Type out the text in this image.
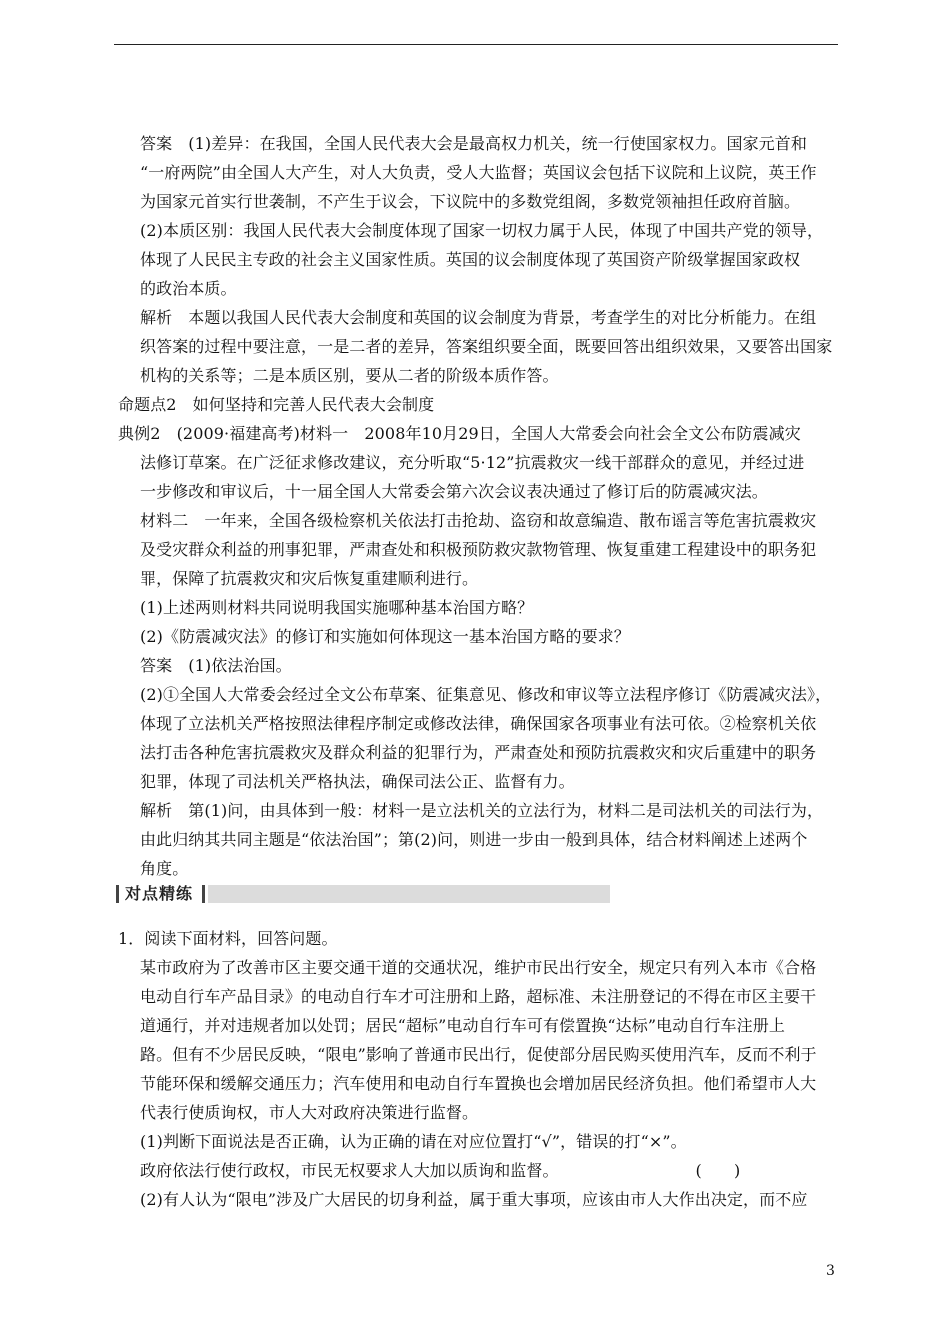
答案　(1)差异：在我国，全国人民代表大会是最高权力机关，统一行使国家权力。国家元首和
“一府两院”由全国人大产生，对人大负责，受人大监督；英国议会包括下议院和上议院，英王作
为国家元首实行世袭制，不产生于议会，下议院中的多数党组阁，多数党领袖担任政府首脑。
(2)本质区别：我国人民代表大会制度体现了国家一切权力属于人民，体现了中国共产党的领导，
体现了人民民主专政的社会主义国家性质。英国的议会制度体现了英国资产阶级掌握国家政权
的政治本质。
解析　本题以我国人民代表大会制度和英国的议会制度为背景，考查学生的对比分析能力。在组
织答案的过程中要注意，一是二者的差异，答案组织要全面，既要回答出组织效果，又要答出国家
机构的关系等；二是本质区别，要从二者的阶级本质作答。
命题点2　如何坚持和完善人民代表大会制度
典例2　(2009·福建高考)材料一　2008年10月29日，全国人大常委会向社会全文公布防震减灾
法修订草案。在广泛征求修改建议，充分听取“5·12”抗震救灾一线干部群众的意见，并经过进
一步修改和审议后，十一届全国人大常委会第六次会议表决通过了修订后的防震减灾法。
材料二　一年来，全国各级检察机关依法打击抢劫、盗窃和故意编造、散布谣言等危害抗震救灾
及受灾群众利益的刑事犯罪，严肃查处和积极预防救灾款物管理、恢复重建工程建设中的职务犯
罪，保障了抗震救灾和灾后恢复重建顺利进行。
(1)上述两则材料共同说明我国实施哪种基本治国方略？
(2)《防震减灾法》的修订和实施如何体现这一基本治国方略的要求？
答案　(1)依法治国。
(2)①全国人大常委会经过全文公布草案、征集意见、修改和审议等立法程序修订《防震减灾法》，
体现了立法机关严格按照法律程序制定或修改法律，确保国家各项事业有法可依。②检察机关依
法打击各种危害抗震救灾及群众利益的犯罪行为，严肃查处和预防抗震救灾和灾后重建中的职务
犯罪，体现了司法机关严格执法，确保司法公正、监督有力。
解析　第(1)问，由具体到一般：材料一是立法机关的立法行为，材料二是司法机关的司法行为，
由此归纳其共同主题是“依法治国”；第(2)问，则进一步由一般到具体，结合材料阐述上述两个
角度。
对点精练
1．阅读下面材料，回答问题。
某市政府为了改善市区主要交通干道的交通状况，维护市民出行安全，规定只有列入本市《合格
电动自行车产品目录》的电动自行车才可注册和上路，超标准、未注册登记的不得在市区主要干
道通行，并对违规者加以处罚；居民“超标”电动自行车可有偿置换“达标”电动自行车注册上
路。但有不少居民反映，“限电”影响了普通市民出行，促使部分居民购买使用汽车，反而不利于
节能环保和缓解交通压力；汽车使用和电动自行车置换也会增加居民经济负担。他们希望市人大
代表行使质询权，市人大对政府决策进行监督。
(1)判断下面说法是否正确，认为正确的请在对应位置打“√”，错误的打“×”。
政府依法行使行政权，市民无权要求人大加以质询和监督。　　　　　　　　　(　　)
(2)有人认为“限电”涉及广大居民的切身利益，属于重大事项，应该由市人大作出决定，而不应
3
